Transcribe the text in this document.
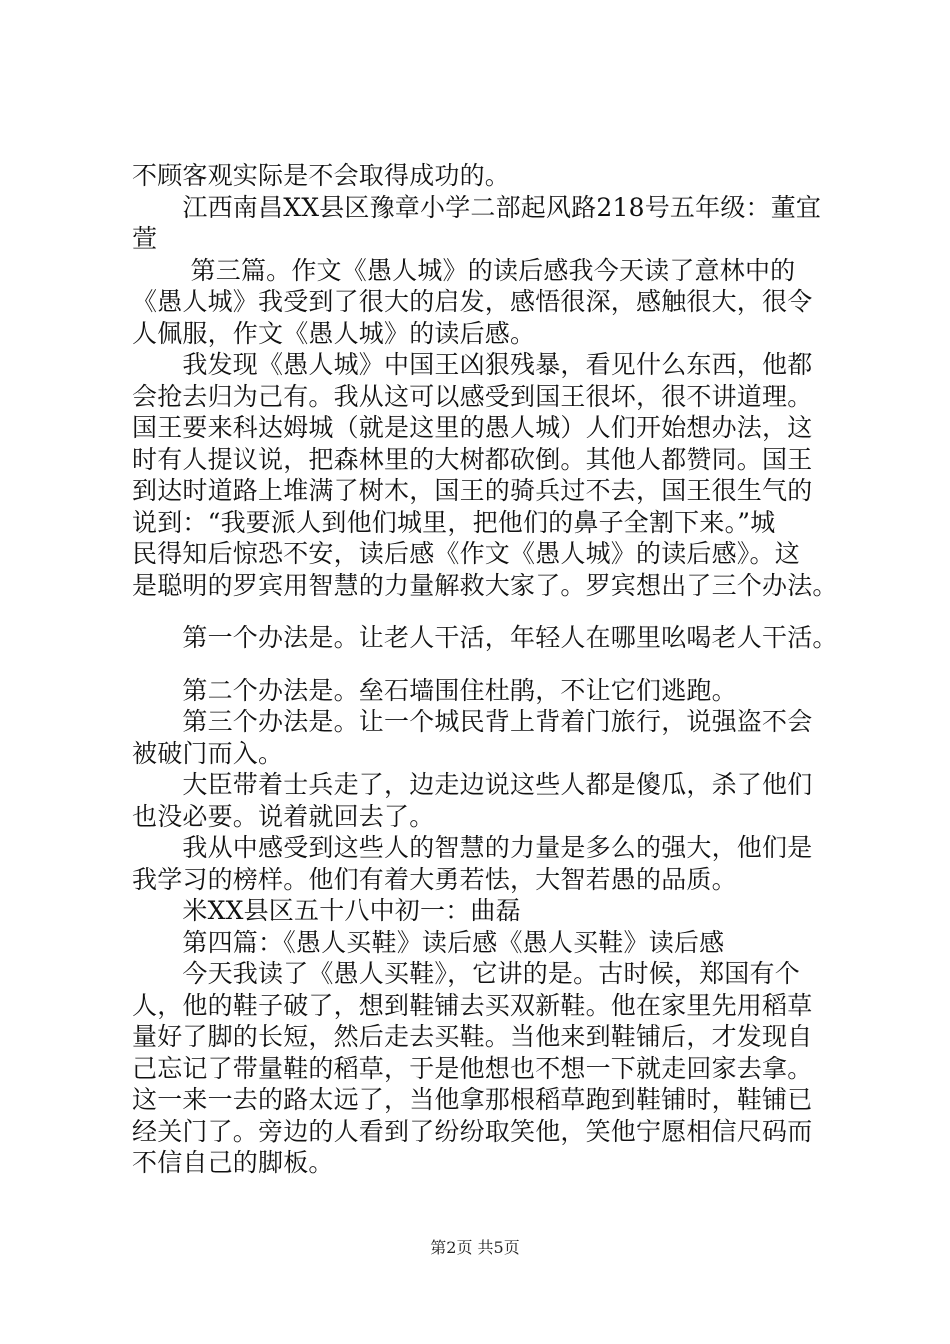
不顾客观实际是不会取得成功的。
　　江西南昌XX县区豫章小学二部起风路218号五年级：董宜
萱
　　 第三篇。作文《愚人城》的读后感我今天读了意林中的
《愚人城》我受到了很大的启发，感悟很深，感触很大，很令
人佩服，作文《愚人城》的读后感。
　　我发现《愚人城》中国王凶狠残暴，看见什么东西，他都
会抢去归为己有。我从这可以感受到国王很坏，很不讲道理。
国王要来科达姆城（就是这里的愚人城）人们开始想办法，这
时有人提议说，把森林里的大树都砍倒。其他人都赞同。国王
到达时道路上堆满了树木，国王的骑兵过不去，国王很生气的
说到：“我要派人到他们城里，把他们的鼻子全割下来。”城
民得知后惊恐不安，读后感《作文《愚人城》的读后感》。这
是聪明的罗宾用智慧的力量解救大家了。罗宾想出了三个办法。
　　第一个办法是。让老人干活，年轻人在哪里吆喝老人干活。
　　第二个办法是。垒石墙围住杜鹃，不让它们逃跑。
　　第三个办法是。让一个城民背上背着门旅行，说强盗不会
被破门而入。
　　大臣带着士兵走了，边走边说这些人都是傻瓜，杀了他们
也没必要。说着就回去了。
　　我从中感受到这些人的智慧的力量是多么的强大，他们是
我学习的榜样。他们有着大勇若怯，大智若愚的品质。
　　米XX县区五十八中初一：曲磊
　　第四篇：《愚人买鞋》读后感《愚人买鞋》读后感
　　今天我读了《愚人买鞋》，它讲的是。古时候，郑国有个
人，他的鞋子破了，想到鞋铺去买双新鞋。他在家里先用稻草
量好了脚的长短，然后走去买鞋。当他来到鞋铺后，才发现自
己忘记了带量鞋的稻草，于是他想也不想一下就走回家去拿。
这一来一去的路太远了，当他拿那根稻草跑到鞋铺时，鞋铺已
经关门了。旁边的人看到了纷纷取笑他，笑他宁愿相信尺码而
不信自己的脚板。
第2页 共5页
